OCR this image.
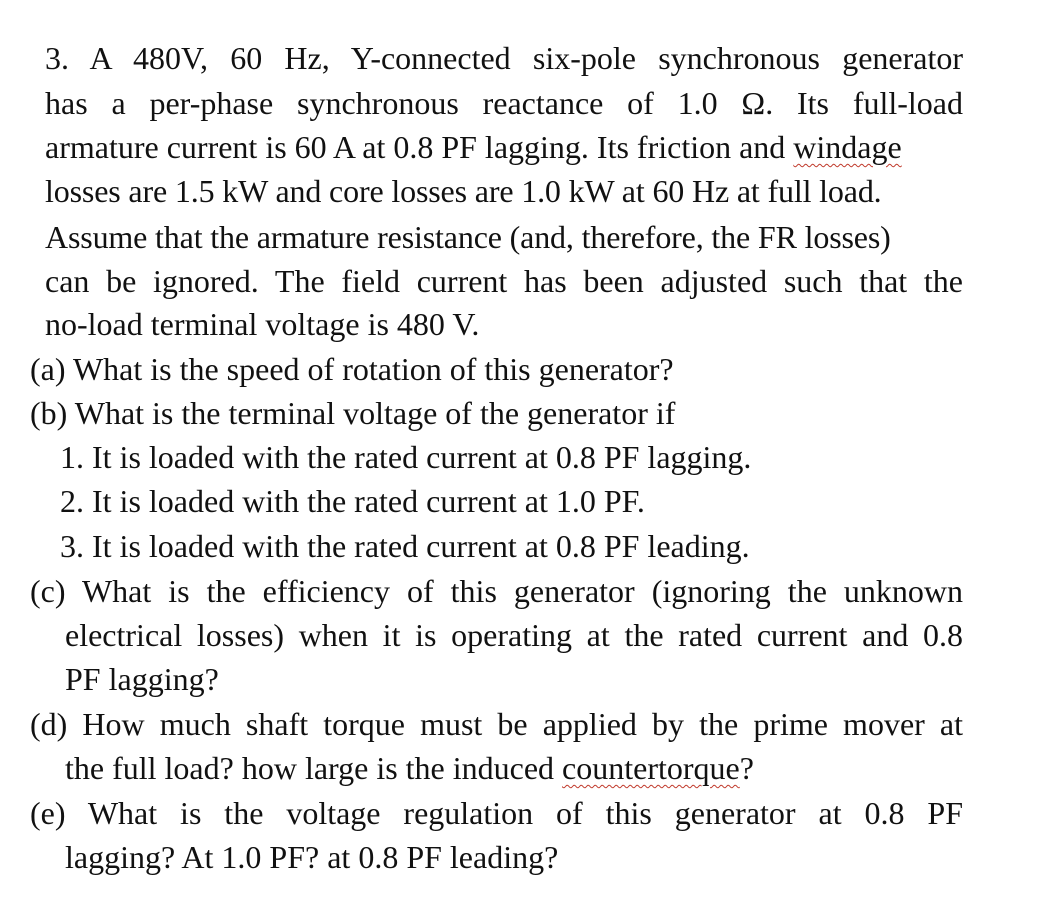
3. A 480V, 60 Hz, Y-connected six-pole synchronous generator
has a per-phase synchronous reactance of 1.0 Ω. Its full-load
armature current is 60 A at 0.8 PF lagging. Its friction and windage
losses are 1.5 kW and core losses are 1.0 kW at 60 Hz at full load.
Assume that the armature resistance (and, therefore, the FR losses)
can be ignored. The field current has been adjusted such that the
no-load terminal voltage is 480 V.
(a) What is the speed of rotation of this generator?
(b) What is the terminal voltage of the generator if
1. It is loaded with the rated current at 0.8 PF lagging.
2. It is loaded with the rated current at 1.0 PF.
3. It is loaded with the rated current at 0.8 PF leading.
(c) What is the efficiency of this generator (ignoring the unknown
electrical losses) when it is operating at the rated current and 0.8
PF lagging?
(d) How much shaft torque must be applied by the prime mover at
the full load? how large is the induced countertorque?
(e) What is the voltage regulation of this generator at 0.8 PF
lagging? At 1.0 PF? at 0.8 PF leading?
